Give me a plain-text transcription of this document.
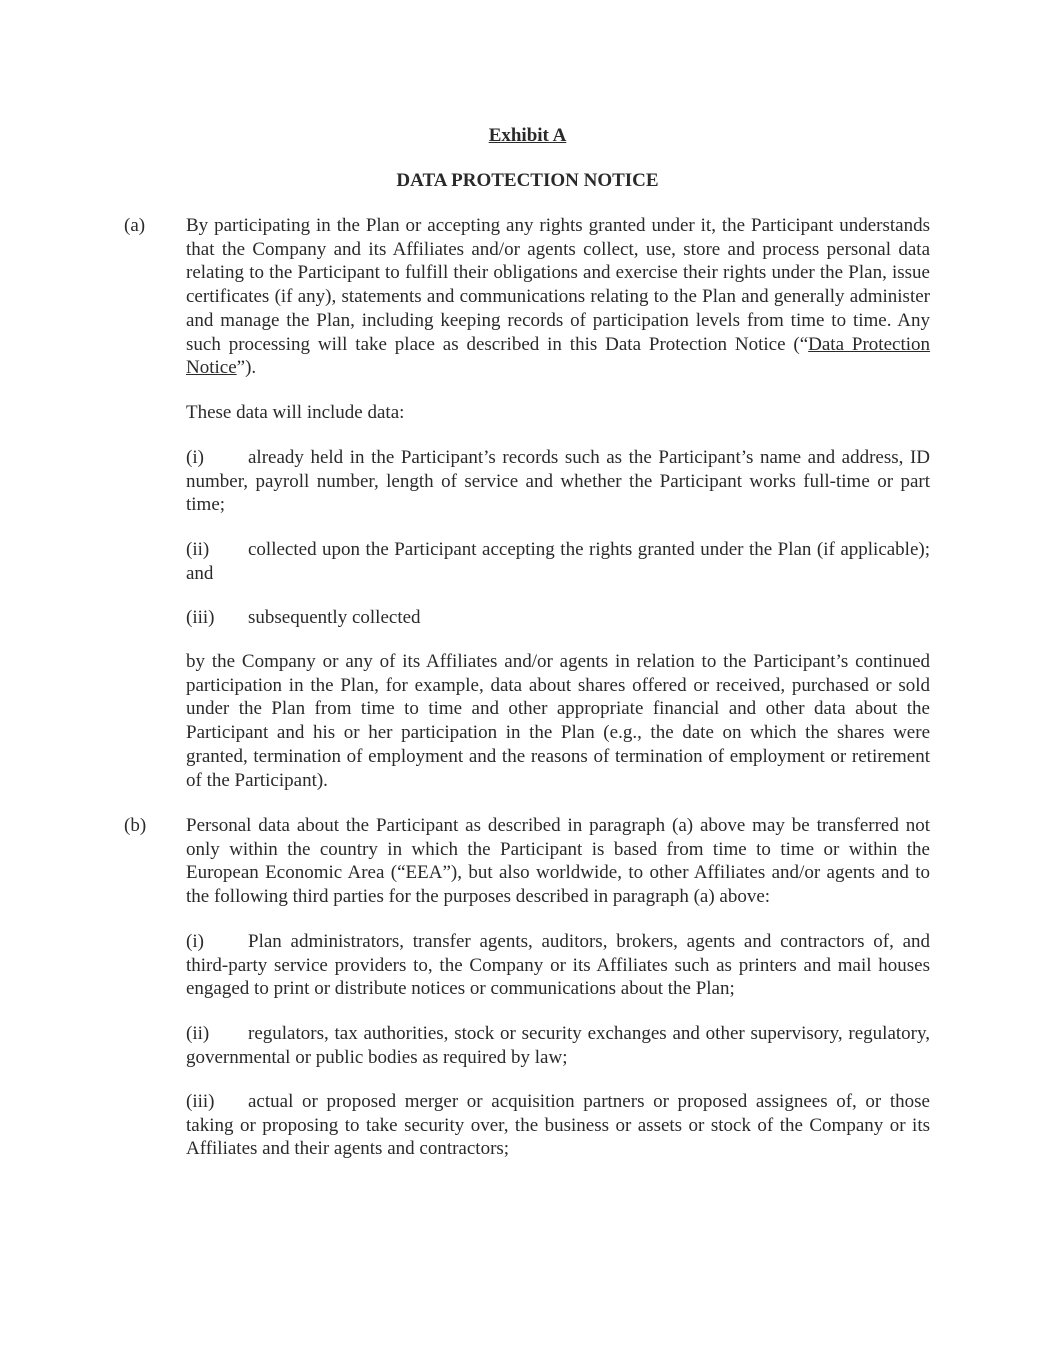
Exhibit A
DATA PROTECTION NOTICE
(a) By participating in the Plan or accepting any rights granted under it, the Participant understands that the Company and its Affiliates and/or agents collect, use, store and process personal data relating to the Participant to fulfill their obligations and exercise their rights under the Plan, issue certificates (if any), statements and communications relating to the Plan and generally administer and manage the Plan, including keeping records of participation levels from time to time. Any such processing will take place as described in this Data Protection Notice (“Data Protection Notice”).
These data will include data:
(i) already held in the Participant’s records such as the Participant’s name and address, ID number, payroll number, length of service and whether the Participant works full-time or part time;
(ii) collected upon the Participant accepting the rights granted under the Plan (if applicable); and
(iii) subsequently collected
by the Company or any of its Affiliates and/or agents in relation to the Participant’s continued participation in the Plan, for example, data about shares offered or received, purchased or sold under the Plan from time to time and other appropriate financial and other data about the Participant and his or her participation in the Plan (e.g., the date on which the shares were granted, termination of employment and the reasons of termination of employment or retirement of the Participant).
(b) Personal data about the Participant as described in paragraph (a) above may be transferred not only within the country in which the Participant is based from time to time or within the European Economic Area (“EEA”), but also worldwide, to other Affiliates and/or agents and to the following third parties for the purposes described in paragraph (a) above:
(i) Plan administrators, transfer agents, auditors, brokers, agents and contractors of, and third-party service providers to, the Company or its Affiliates such as printers and mail houses engaged to print or distribute notices or communications about the Plan;
(ii) regulators, tax authorities, stock or security exchanges and other supervisory, regulatory, governmental or public bodies as required by law;
(iii) actual or proposed merger or acquisition partners or proposed assignees of, or those taking or proposing to take security over, the business or assets or stock of the Company or its Affiliates and their agents and contractors;
